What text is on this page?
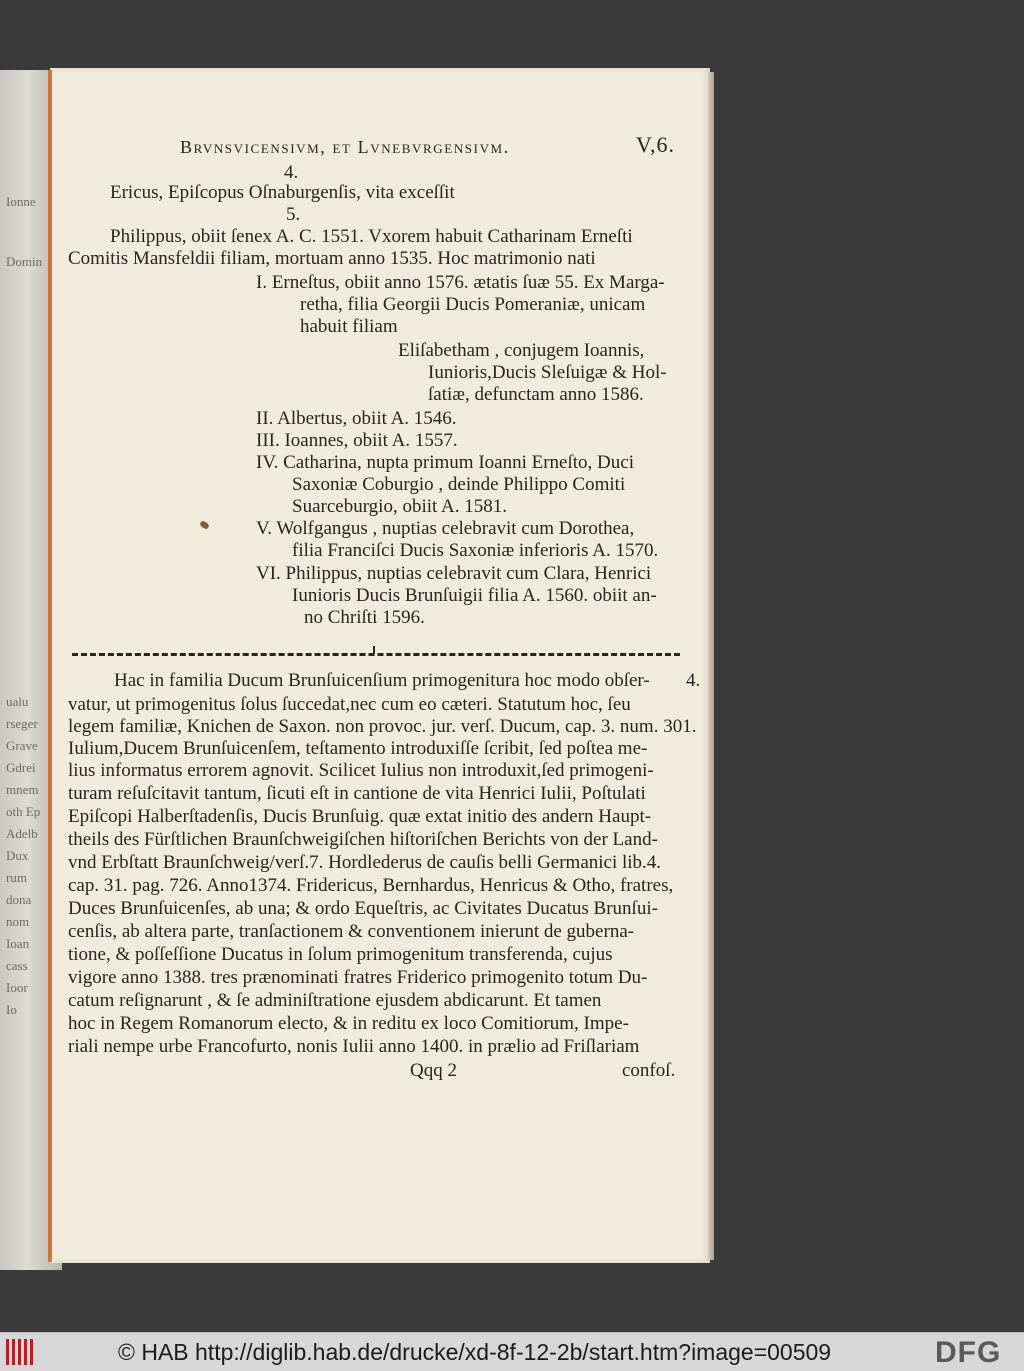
Ionne
Domin
ualu
rseger
Grave
Gdrei
mnem
oth Ep
Adelb
Dux
rum
dona
nom
Ioan
cass
Ioor
Io
Brvnsvicensivm, et Lvnebvrgensivm.	V,6.
4.
Ericus, Epiſcopus Oſnaburgenſis, vita exceſſit
5.
Philippus, obiit ſenex A. C. 1551. Vxorem habuit Catharinam Erneſti
Comitis Mansfeldii filiam, mortuam anno 1535. Hoc matrimonio nati
I. Erneſtus, obiit anno 1576. ætatis ſuæ 55. Ex Marga-
retha, filia Georgii Ducis Pomeraniæ, unicam
habuit filiam
Eliſabetham , conjugem Ioannis,
Iunioris,Ducis Sleſuigæ & Hol-
ſatiæ, defunctam anno 1586.
II. Albertus, obiit A. 1546.
III. Ioannes, obiit A. 1557.
IV. Catharina, nupta primum Ioanni Erneſto, Duci
Saxoniæ Coburgio , deinde Philippo Comiti
Suarceburgio, obiit A. 1581.
V. Wolfgangus , nuptias celebravit cum Dorothea,
filia Franciſci Ducis Saxoniæ inferioris A. 1570.
VI. Philippus, nuptias celebravit cum Clara, Henrici
Iunioris Ducis Brunſuigii filia A. 1560. obiit an-
no Chriſti 1596.
Hac in familia Ducum Brunſuicenſium primogenitura hoc modo obſer- 4.
vatur, ut primogenitus ſolus ſuccedat,nec cum eo cæteri. Statutum hoc, ſeu
legem familiæ, Knichen de Saxon. non provoc. jur. verſ. Ducum, cap. 3. num. 301.
Iulium,Ducem Brunſuicenſem, teſtamento introduxiſſe ſcribit, ſed poſtea me-
lius informatus errorem agnovit. Scilicet Iulius non introduxit,ſed primogeni-
turam reſuſcitavit tantum, ſicuti eſt in cantione de vita Henrici Iulii, Poſtulati
Epiſcopi Halberſtadenſis, Ducis Brunſuig. quæ extat initio des andern Haupt-
theils des Fürſtlichen Braunſchweigiſchen hiſtoriſchen Berichts von der Land-
vnd Erbſtatt Braunſchweig/verſ.7. Hordlederus de cauſis belli Germanici lib.4.
cap. 31. pag. 726. Anno1374. Fridericus, Bernhardus, Henricus & Otho, fratres,
Duces Brunſuicenſes, ab una; & ordo Equeſtris, ac Civitates Ducatus Brunſui-
cenſis, ab altera parte, tranſactionem & conventionem inierunt de guberna-
tione, & poſſeſſione Ducatus in ſolum primogenitum transferenda, cujus
vigore anno 1388. tres prænominati fratres Friderico primogenito totum Du-
catum reſignarunt , & ſe adminiſtratione ejusdem abdicarunt. Et tamen
hoc in Regem Romanorum electo, & in reditu ex loco Comitiorum, Impe-
riali nempe urbe Francofurto, nonis Iulii anno 1400. in prælio ad Friſlariam
Qqq 2	confoſ.
© HAB http://diglib.hab.de/drucke/xd-8f-12-2b/start.htm?image=00509	DFG
